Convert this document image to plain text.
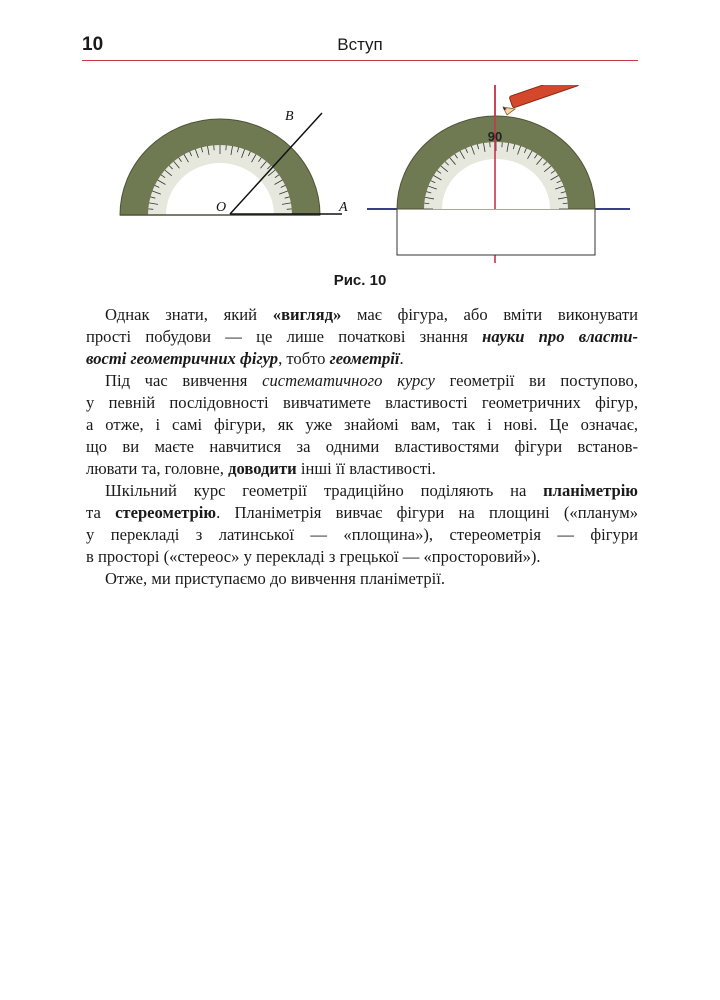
10	Вступ
B
O	A
90
Рис. 10
Однак знати, який «вигляд» має фігура, або вміти виконувати
прості побудови — це лише початкові знання науки про власти-
вості геометричних фігур, тобто геометрії.
Під час вивчення систематичного курсу геометрії ви поступово,
у певній послідовності вивчатимете властивості геометричних фігур,
а отже, і самі фігури, як уже знайомі вам, так і нові. Це означає,
що ви маєте навчитися за одними властивостями фігури встанов-
лювати та, головне, доводити інші її властивості.
Шкільний курс геометрії традиційно поділяють на планіметрію
та стереометрію. Планіметрія вивчає фігури на площині («планум»
у перекладі з латинської — «площина»), стереометрія — фігури
в просторі («стереос» у перекладі з грецької — «просторовий»).
Отже, ми приступаємо до вивчення планіметрії.
